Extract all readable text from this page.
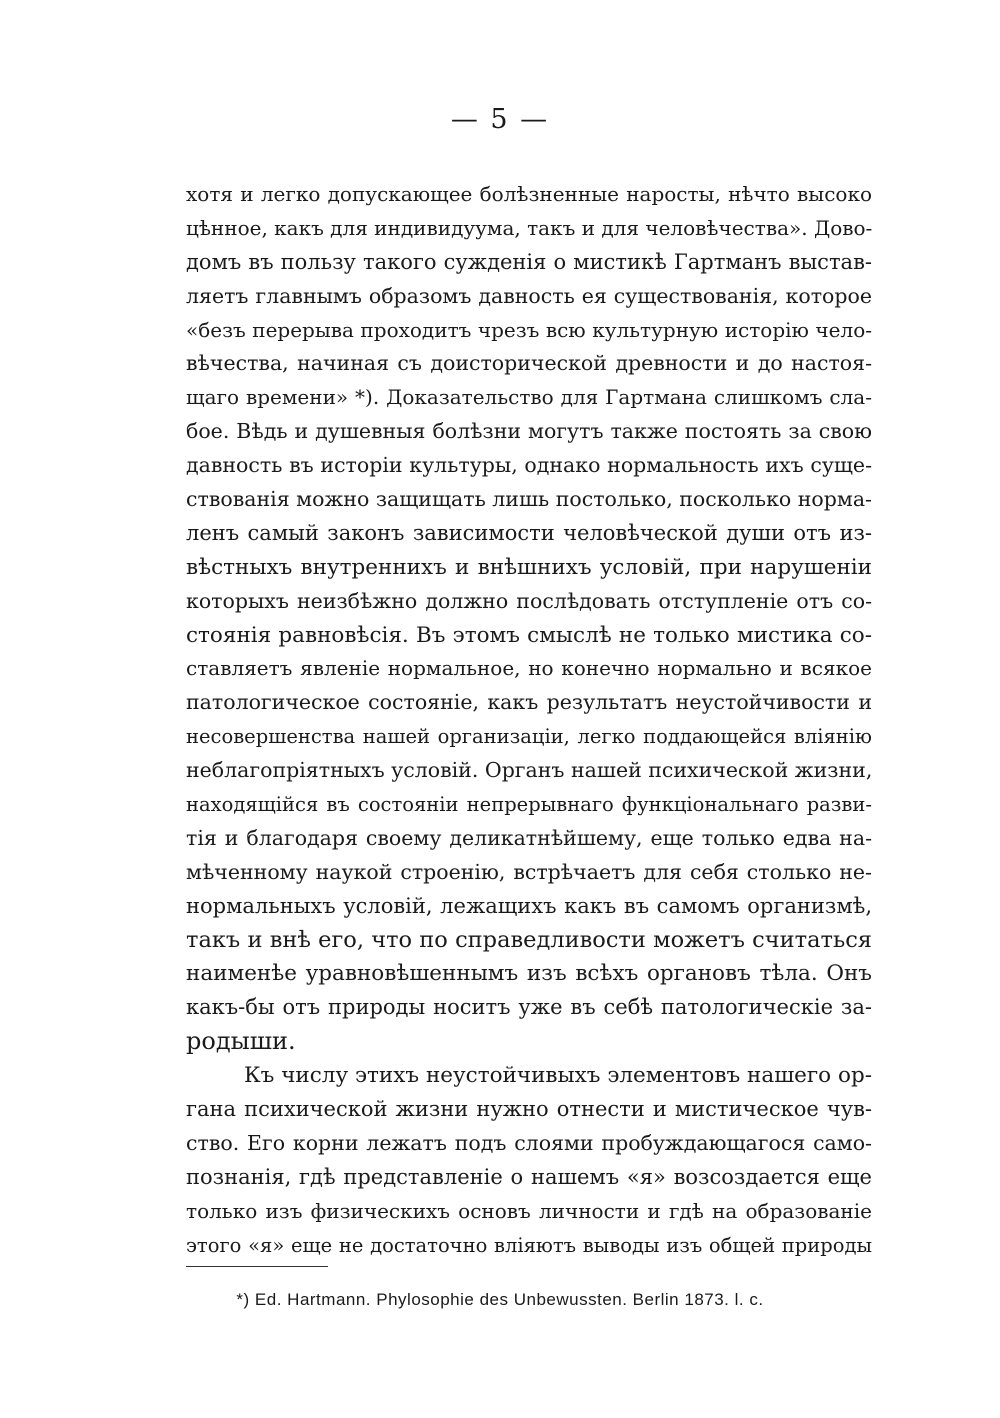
— 5 —
хотя и легко допускающее болѣзненные наросты, нѣчто высоко
цѣнное, какъ для индивидуума, такъ и для человѣчества». Дово-
домъ въ пользу такого сужденія о мистикѣ Гартманъ выстав-
ляетъ главнымъ образомъ давность ея существованія, которое
«безъ перерыва проходитъ чрезъ всю культурную исторію чело-
вѣчества, начиная съ доисторической древности и до настоя-
щаго времени» *). Доказательство для Гартмана слишкомъ сла-
бое. Вѣдь и душевныя болѣзни могутъ также постоять за свою
давность въ исторіи культуры, однако нормальность ихъ суще-
ствованія можно защищать лишь постолько, посколько норма-
ленъ самый законъ зависимости человѣческой души отъ из-
вѣстныхъ внутреннихъ и внѣшнихъ условій, при нарушеніи
которыхъ неизбѣжно должно послѣдовать отступленіе отъ со-
стоянія равновѣсія. Въ этомъ смыслѣ не только мистика со-
ставляетъ явленіе нормальное, но конечно нормально и всякое
патологическое состояніе, какъ результатъ неустойчивости и
несовершенства нашей организаціи, легко поддающейся вліянію
неблагопріятныхъ условій. Органъ нашей психической жизни,
находящійся въ состояніи непрерывнаго функціональнаго разви-
тія и благодаря своему деликатнѣйшему, еще только едва на-
мѣченному наукой строенію, встрѣчаетъ для себя столько не-
нормальныхъ условій, лежащихъ какъ въ самомъ организмѣ,
такъ и внѣ его, что по справедливости можетъ считаться
наименѣе уравновѣшеннымъ изъ всѣхъ органовъ тѣла. Онъ
какъ-бы отъ природы носитъ уже въ себѣ патологическіе за-
родыши.
Къ числу этихъ неустойчивыхъ элементовъ нашего ор-
гана психической жизни нужно отнести и мистическое чув-
ство. Его корни лежатъ подъ слоями пробуждающагося само-
познанія, гдѣ представленіе о нашемъ «я» возсоздается еще
только изъ физическихъ основъ личности и гдѣ на образованіе
этого «я» еще не достаточно вліяютъ выводы изъ общей природы
*) Ed. Hartmann. Phylosophie des Unbewussten. Berlin 1873. l. c.
